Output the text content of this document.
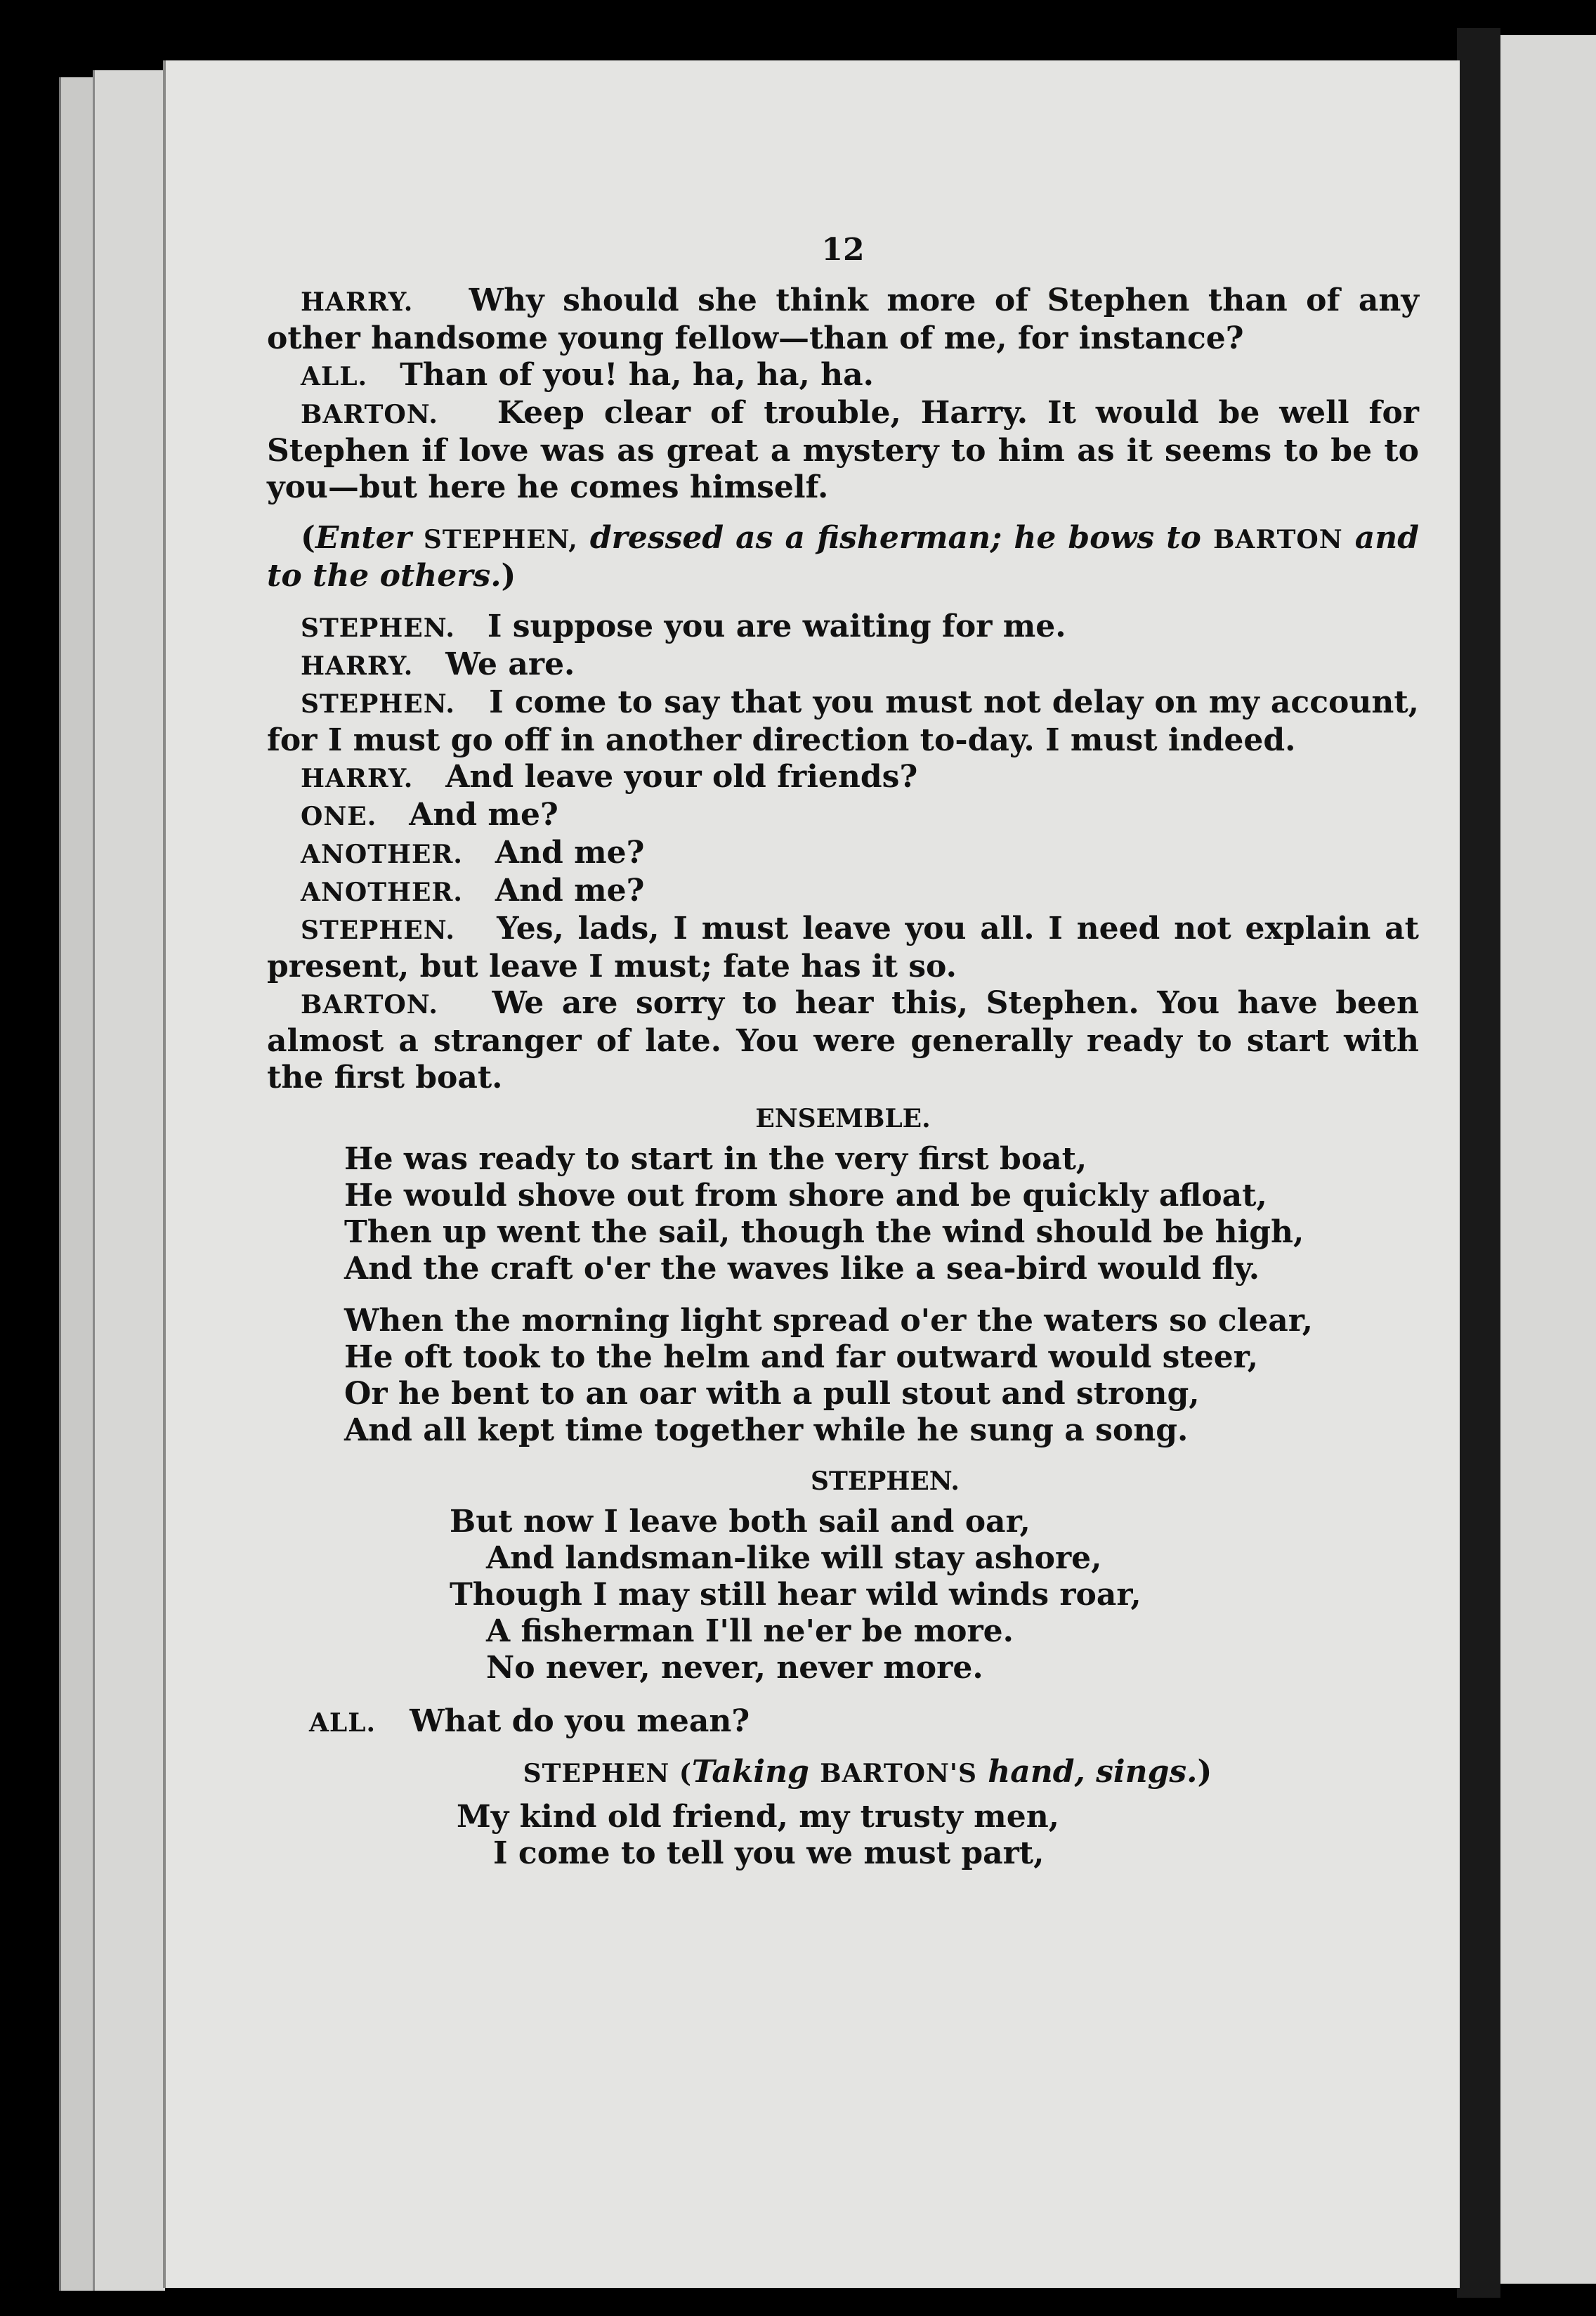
12

HARRY. Why should she think more of Stephen than of any other handsome young fellow—than of me, for instance?

ALL. Than of you! ha, ha, ha, ha.

BARTON. Keep clear of trouble, Harry. It would be well for Stephen if love was as great a mystery to him as it seems to be to you—but here he comes himself.

(Enter STEPHEN, dressed as a fisherman; he bows to BARTON and to the others.)

STEPHEN. I suppose you are waiting for me.

HARRY. We are.

STEPHEN. I come to say that you must not delay on my account, for I must go off in another direction to-day. I must indeed.

HARRY. And leave your old friends?

ONE. And me?

ANOTHER. And me?

ANOTHER. And me?

STEPHEN. Yes, lads, I must leave you all. I need not explain at present, but leave I must; fate has it so.

BARTON. We are sorry to hear this, Stephen. You have been almost a stranger of late. You were generally ready to start with the first boat.

ENSEMBLE.
He was ready to start in the very first boat,
He would shove out from shore and be quickly afloat,
Then up went the sail, though the wind should be high,
And the craft o'er the waves like a sea-bird would fly.
When the morning light spread o'er the waters so clear,
He oft took to the helm and far outward would steer,
Or he bent to an oar with a pull stout and strong,
And all kept time together while he sung a song.
STEPHEN.
But now I leave both sail and oar,
And landsman-like will stay ashore,
Though I may still hear wild winds roar,
A fisherman I'll ne'er be more.
No never, never, never more.

ALL. What do you mean?

STEPHEN (Taking BARTON'S hand, sings.)

My kind old friend, my trusty men,
I come to tell you we must part,
